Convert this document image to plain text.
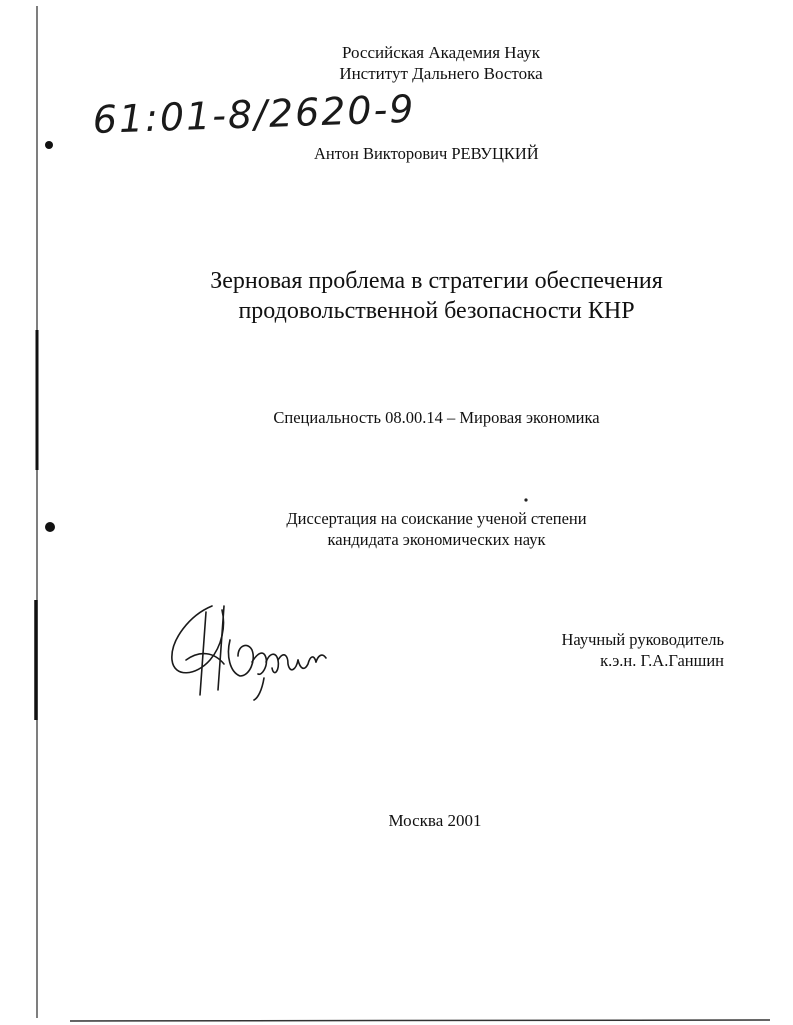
Российская Академия Наук
Институт Дальнего Востока
61:01-8/2620-9
Антон Викторович РЕВУЦКИЙ
Зерновая проблема в стратегии обеспечения
продовольственной безопасности КНР
Специальность 08.00.14 – Мировая экономика
Диссертация на соискание ученой степени
кандидата экономических наук
Научный руководитель
к.э.н. Г.А.Ганшин
Москва 2001
